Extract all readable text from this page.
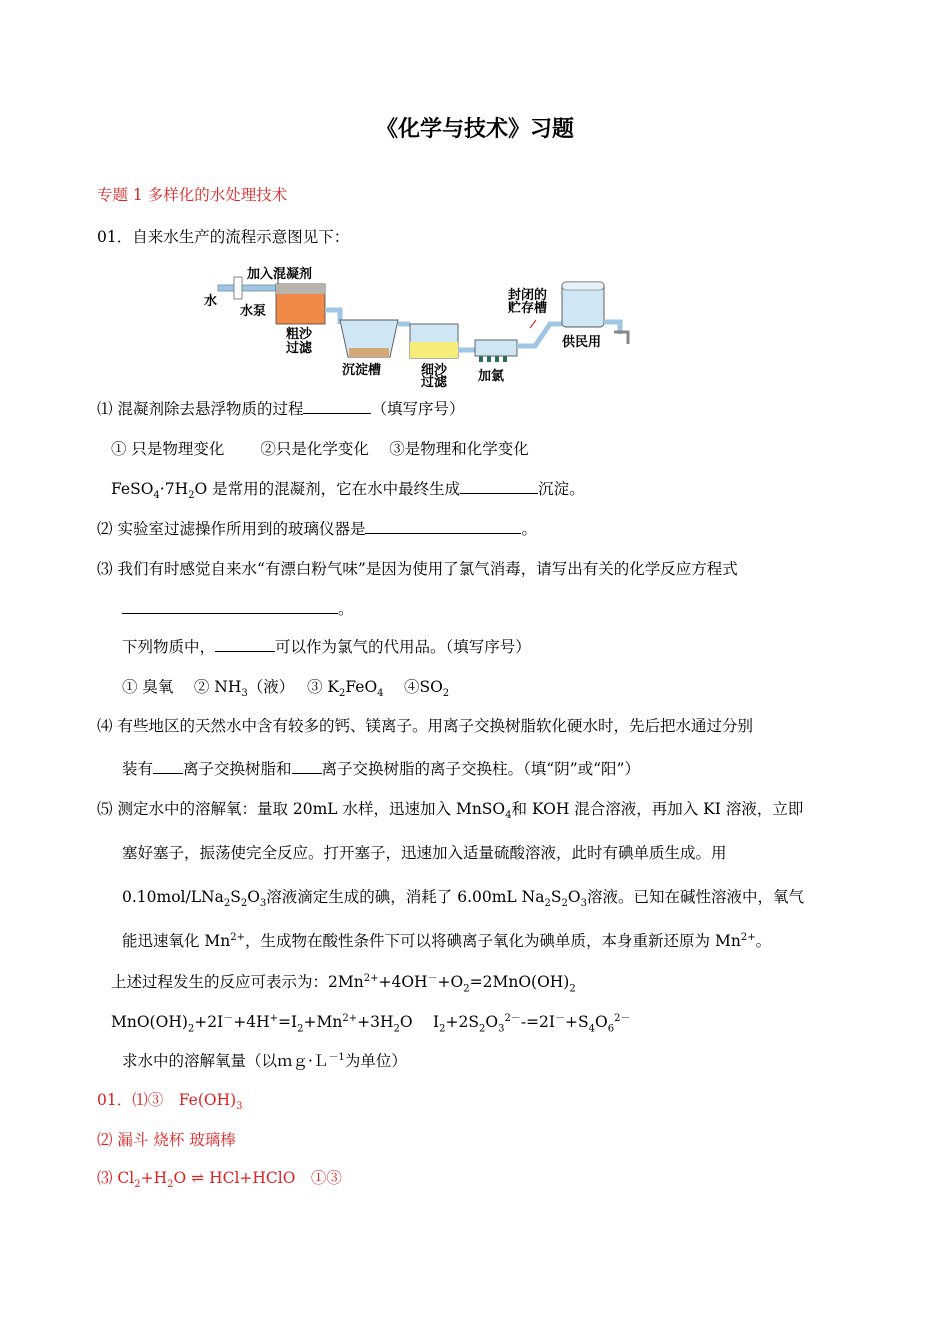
《化学与技术》习题
专题 1 多样化的水处理技术
01．自来水生产的流程示意图见下：
加入混凝剂
水
水泵
粗沙
过滤
沉淀槽	细沙
过滤 加氯
封闭的
贮存槽
供民用
⑴ 混凝剂除去悬浮物质的过程	（填写序号）
① 只是物理变化　　 ②只是化学变化　 ③是物理和化学变化
$FeSO_4\cdot 7H_2O$ 是常用的混凝剂，它在水中最终生成	沉淀。
⑵ 实验室过滤操作所用到的玻璃仪器是	。
⑶ 我们有时感觉自来水“有漂白粉气味”是因为使用了氯气消毒，请写出有关的化学反应方程式
。
下列物质中，	可以作为氯气的代用品。（填写序号）
① 臭氧　 ② $NH_3$（液）　 ③ $K_2FeO_4$　 $④SO_2$
⑷ 有些地区的天然水中含有较多的钙、镁离子。用离子交换树脂软化硬水时，先后把水通过分别
装有 离子交换树脂和 离子交换树脂的离子交换柱。（填“阴”或“阳”）
⑸ 测定水中的溶解氧：量取 20mL 水样，迅速加入 MnSO$_4$和 KOH 混合溶液，再加入 KI 溶液，立即
塞好塞子，振荡使完全反应。打开塞子，迅速加入适量硫酸溶液，此时有碘单质生成。用
$0.10mol/LNa_2S_2O_3$溶液滴定生成的碘，消耗了 6.00mL $Na_2S_2O_3$溶液。已知在碱性溶液中，氧气
能迅速氧化 $Mn^{2+}$，生成物在酸性条件下可以将碘离子氧化为碘单质，本身重新还原为 $Mn^{2+}$。
上述过程发生的反应可表示为：$2Mn^{2+}+4OH^-+O_2=2MnO(OH)_2$
$MnO(OH)_2+2I^-+4H^+=I_2+Mn^{2+}+3H_2O$　 $I_2+2S_2O_3^{2-}-=2I^-+S_4O_6^{2-}$
求水中的溶解氧量（以ｍｇ·Ｌ$^{-1}$为单位）
01．⑴③　 $Fe(OH)_3$
⑵ 漏斗 烧杯 玻璃棒
⑶ $Cl_2+H_2O$ ⇌ HCl+HClO　①③
